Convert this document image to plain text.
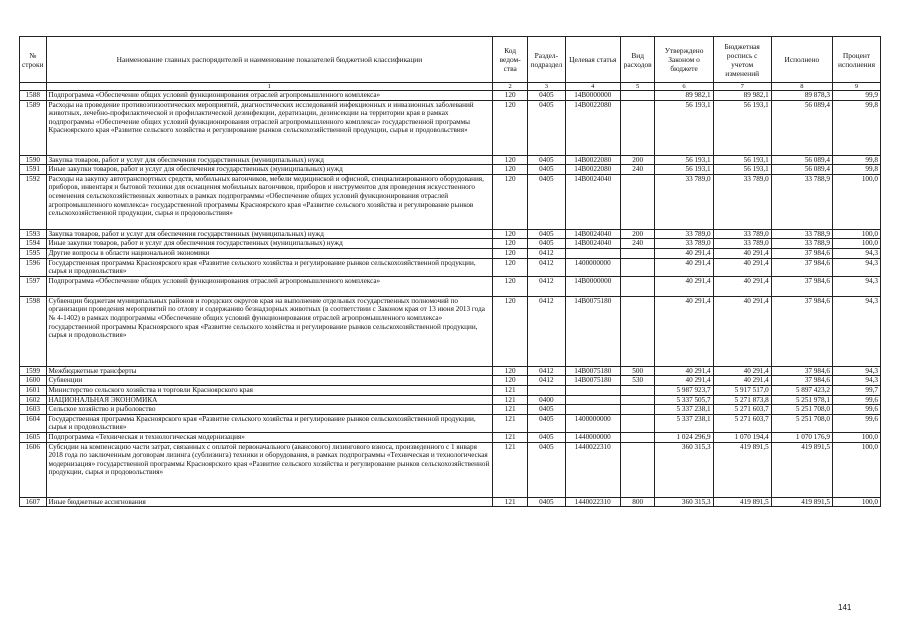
№ строки	Наименование главных распорядителей и наименование показателей бюджетной классификации	Код ведом-ства	Раздел-подраздел	Целевая статья	Вид расходов	Утверждено Законом о бюджете	Бюджетная роспись с учетом изменений	Исполнено	Процент исполнения
	1	2	3	4	5	6	7	8	9
1588	Подпрограмма «Обеспечение общих условий функционирования отраслей агропромышленного комплекса»	120	0405	14В0000000		89 982,1	89 982,1	89 878,3	99,9
1589	Расходы на проведение противоэпизоотических мероприятий, диагностических исследований инфекционных и инвазионных заболеваний животных, лечебно-профилактической и профилактической дезинфекции, дератизации, дезинсекции на территории края в рамках подпрограммы «Обеспечение общих условий функционирования отраслей агропромышленного комплекса» государственной программы Красноярского края «Развитие сельского хозяйства и регулирование рынков сельскохозяйственной продукции, сырья и продовольствия»	120	0405	14В0022080		56 193,1	56 193,1	56 089,4	99,8
1590	Закупка товаров, работ и услуг для обеспечения государственных (муниципальных) нужд	120	0405	14В0022080	200	56 193,1	56 193,1	56 089,4	99,8
1591	Иные закупки товаров, работ и услуг для обеспечения государственных (муниципальных) нужд	120	0405	14В0022080	240	56 193,1	56 193,1	56 089,4	99,8
1592	Расходы на закупку автотранспортных средств, мобильных вагончиков, мебели медицинской и офисной, специализированного оборудования, приборов, инвентаря и бытовой техники для оснащения мобильных вагончиков, приборов и инструментов для проведения искусственного осеменения сельскохозяйственных животных в рамках подпрограммы «Обеспечение общих условий функционирования отраслей агропромышленного комплекса» государственной программы Красноярского края «Развитие сельского хозяйства и регулирование рынков сельскохозяйственной продукции, сырья и продовольствия»	120	0405	14В0024040		33 789,0	33 789,0	33 788,9	100,0
1593	Закупка товаров, работ и услуг для обеспечения государственных (муниципальных) нужд	120	0405	14В0024040	200	33 789,0	33 789,0	33 788,9	100,0
1594	Иные закупки товаров, работ и услуг для обеспечения государственных (муниципальных) нужд	120	0405	14В0024040	240	33 789,0	33 789,0	33 788,9	100,0
1595	Другие вопросы в области национальной экономики	120	0412			40 291,4	40 291,4	37 984,6	94,3
1596	Государственная программа Красноярского края «Развитие сельского хозяйства и регулирование рынков сельскохозяйственной продукции, сырья и продовольствия»	120	0412	1400000000		40 291,4	40 291,4	37 984,6	94,3
1597	Подпрограмма «Обеспечение общих условий функционирования отраслей агропромышленного комплекса»	120	0412	14В0000000		40 291,4	40 291,4	37 984,6	94,3
1598	Субвенции бюджетам муниципальных районов и городских округов края на выполнение отдельных государственных полномочий по организации проведения мероприятий по отлову и содержанию безнадзорных животных (в соответствии с Законом края от 13 июня 2013 года № 4-1402) в рамках подпрограммы «Обеспечение общих условий функционирования отраслей агропромышленного комплекса» государственной программы Красноярского края «Развитие сельского хозяйства и регулирование рынков сельскохозяйственной продукции, сырья и продовольствия»	120	0412	14В0075180		40 291,4	40 291,4	37 984,6	94,3
1599	Межбюджетные трансферты	120	0412	14В0075180	500	40 291,4	40 291,4	37 984,6	94,3
1600	Субвенции	120	0412	14В0075180	530	40 291,4	40 291,4	37 984,6	94,3
1601	Министерство сельского хозяйства и торговли Красноярского края	121				5 987 923,7	5 917 517,0	5 897 423,2	99,7
1602	НАЦИОНАЛЬНАЯ ЭКОНОМИКА	121	0400			5 337 505,7	5 271 873,8	5 251 978,1	99,6
1603	Сельское хозяйство и рыболовство	121	0405			5 337 238,1	5 271 603,7	5 251 708,0	99,6
1604	Государственная программа Красноярского края «Развитие сельского хозяйства и регулирование рынков сельскохозяйственной продукции, сырья и продовольствия»	121	0405	1400000000		5 337 238,1	5 271 603,7	5 251 708,0	99,6
1605	Подпрограмма «Техническая и технологическая модернизация»	121	0405	1440000000		1 024 296,9	1 070 194,4	1 070 176,9	100,0
1606	Субсидии на компенсацию части затрат, связанных с оплатой первоначального (авансового) лизингового взноса, произведенного с 1 января 2018 года по заключенным договорам лизинга (сублизинга) техники и оборудования, в рамках подпрограммы «Техническая и технологическая модернизация» государственной программы Красноярского края «Развитие сельского хозяйства и регулирование рынков сельскохозяйственной продукции, сырья и продовольствия»	121	0405	1440022310		360 315,3	419 891,5	419 891,5	100,0
1607	Иные бюджетные ассигнования	121	0405	1440022310	800	360 315,3	419 891,5	419 891,5	100,0
141
